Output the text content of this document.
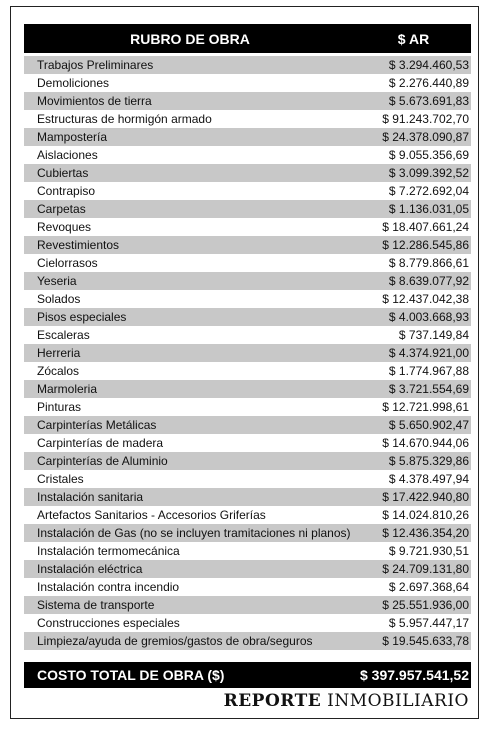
RUBRO DE OBRA	$ AR
Trabajos Preliminares	$ 3.294.460,53
Demoliciones	$ 2.276.440,89
Movimientos de tierra	$ 5.673.691,83
Estructuras de hormigón armado	$ 91.243.702,70
Mampostería	$ 24.378.090,87
Aislaciones	$ 9.055.356,69
Cubiertas	$ 3.099.392,52
Contrapiso	$ 7.272.692,04
Carpetas	$ 1.136.031,05
Revoques	$ 18.407.661,24
Revestimientos	$ 12.286.545,86
Cielorrasos	$ 8.779.866,61
Yeseria	$ 8.639.077,92
Solados	$ 12.437.042,38
Pisos especiales	$ 4.003.668,93
Escaleras	$ 737.149,84
Herreria	$ 4.374.921,00
Zócalos	$ 1.774.967,88
Marmoleria	$ 3.721.554,69
Pinturas	$ 12.721.998,61
Carpinterías Metálicas	$ 5.650.902,47
Carpinterías de madera	$ 14.670.944,06
Carpinterías de Aluminio	$ 5.875.329,86
Cristales	$ 4.378.497,94
Instalación sanitaria	$ 17.422.940,80
Artefactos Sanitarios - Accesorios Griferías	$ 14.024.810,26
Instalación de Gas (no se incluyen tramitaciones ni planos)	$ 12.436.354,20
Instalación termomecánica	$ 9.721.930,51
Instalación eléctrica	$ 24.709.131,80
Instalación contra incendio	$ 2.697.368,64
Sistema de transporte	$ 25.551.936,00
Construcciones especiales	$ 5.957.447,17
Limpieza/ayuda de gremios/gastos de obra/seguros	$ 19.545.633,78
COSTO TOTAL DE OBRA ($)	$ 397.957.541,52
REPORTE INMOBILIARIO
